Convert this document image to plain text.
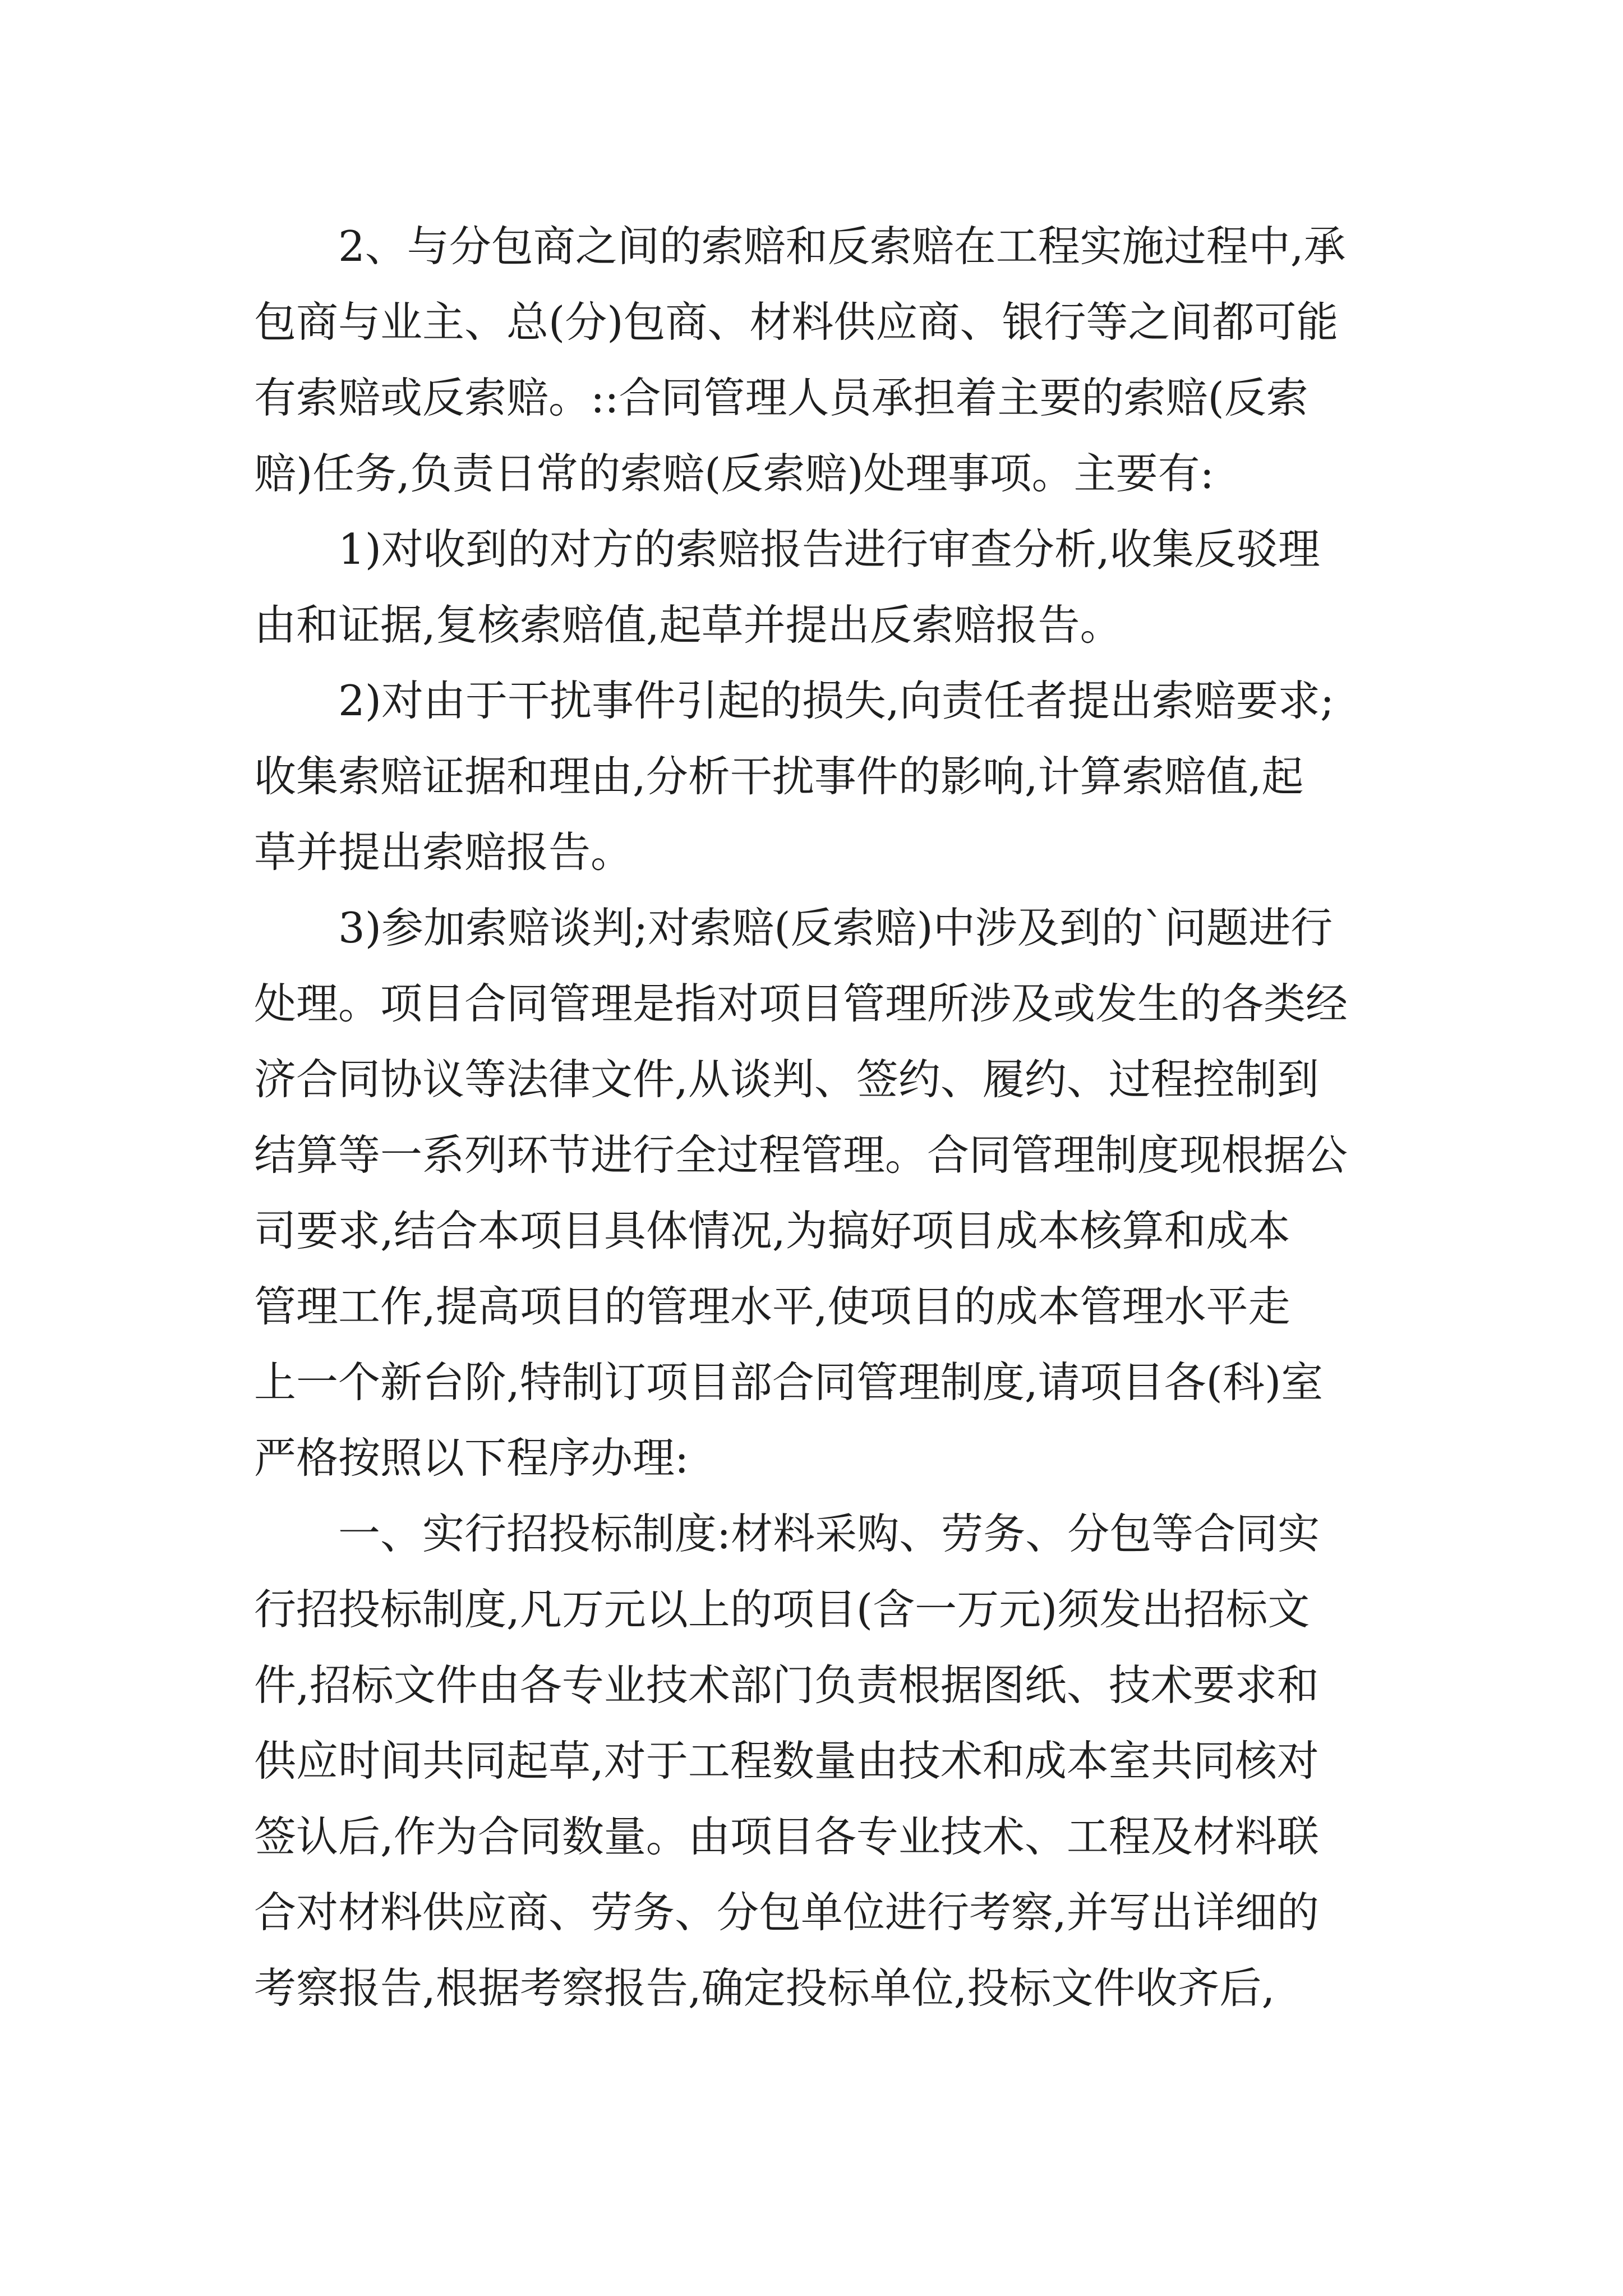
　　2、与分包商之间的索赔和反索赔在工程实施过程中,承
包商与业主、总(分)包商、材料供应商、银行等之间都可能
有索赔或反索赔。::合同管理人员承担着主要的索赔(反索
赔)任务,负责日常的索赔(反索赔)处理事项。主要有:
　　1)对收到的对方的索赔报告进行审查分析,收集反驳理
由和证据,复核索赔值,起草并提出反索赔报告。
　　2)对由于干扰事件引起的损失,向责任者提出索赔要求;
收集索赔证据和理由,分析干扰事件的影响,计算索赔值,起
草并提出索赔报告。
　　3)参加索赔谈判;对索赔(反索赔)中涉及到的`问题进行
处理。项目合同管理是指对项目管理所涉及或发生的各类经
济合同协议等法律文件,从谈判、签约、履约、过程控制到
结算等一系列环节进行全过程管理。合同管理制度现根据公
司要求,结合本项目具体情况,为搞好项目成本核算和成本
管理工作,提高项目的管理水平,使项目的成本管理水平走
上一个新台阶,特制订项目部合同管理制度,请项目各(科)室
严格按照以下程序办理:
　　一、实行招投标制度:材料采购、劳务、分包等合同实
行招投标制度,凡万元以上的项目(含一万元)须发出招标文
件,招标文件由各专业技术部门负责根据图纸、技术要求和
供应时间共同起草,对于工程数量由技术和成本室共同核对
签认后,作为合同数量。由项目各专业技术、工程及材料联
合对材料供应商、劳务、分包单位进行考察,并写出详细的
考察报告,根据考察报告,确定投标单位,投标文件收齐后,
